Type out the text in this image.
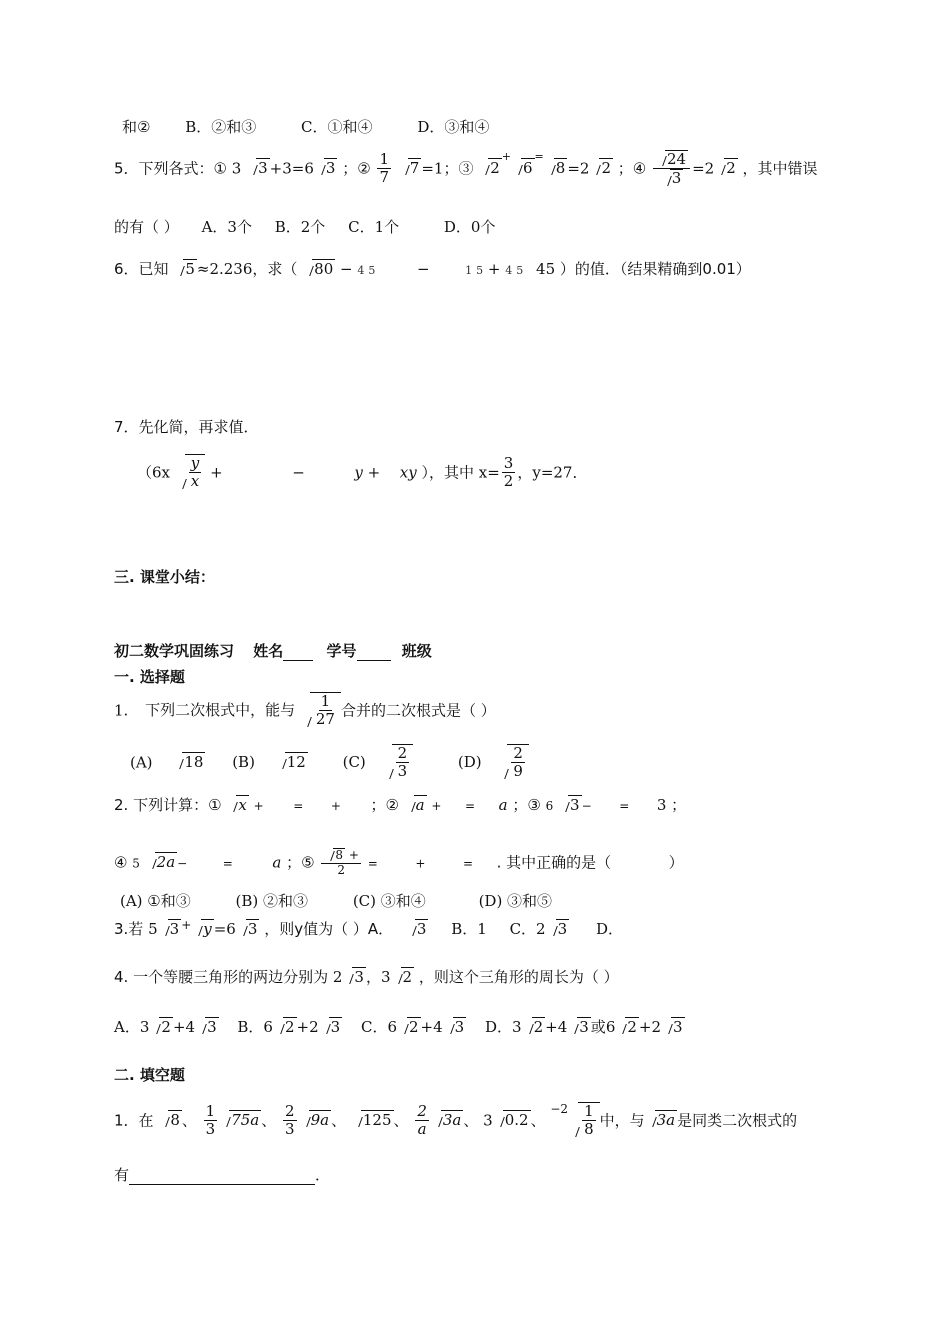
和② B．②和③	C．①和④	D．③和④
5．下列各式：① 3 3 +3=6 3 ；② $\frac{1}{7} 7 =1$；③ 2+6=8 =2 2 ；④ $\frac{24}{3} =2$ 2 ，其中错误
的有（ ） A．3个 B．2个 C．1个	D．0个
6．已知 5 ≈2.236，求（ 80 − 4 5	−	1 5 + 4 5 45 ）的值．（结果精确到0.01）
7．先化简，再求值．
（$6x \frac{y}{x}$ +	−	y + xy ），其中 $x= \frac{3}{2}$ ，y=27．
三. 课堂小结：
初二数学巩固练习 姓名	学号	班级
一. 选择题
1. 下列二次根式中，能与 $\frac{1}{27}$ 合并的二次根式是（ ）
(A) 18 (B) 12 $(C) \frac{2}{3}$	$(D) \frac{2}{9}$
2. 下列计算：① x + = + ；② a + = a ；③ 6 3 − = 3 ；
④ 5 2a −	=	a ；⑤ $\frac{8 +}{2}$ =	+	= . 其中正确的是（	）
(A) ①和③	(B) ②和③	(C) ③和④	(D) ③和⑤
3.若 5 3 + y =6 3 ，则y值为（ ）A． 3 B．1 C．2 3 D．
4. 一个等腰三角形的两边分别为 2 3 ，3 2 ，则这个三角形的周长为（ ）
A．3 2 +4 3 B．6 2 +2 3 C．6 2 +4 3 D．3 2 +4 3 或6 2 +2 3
二. 填空题
1．在 8 、 $\frac{1}{3} 75a$ 、 $\frac{2}{3} 9a$ 、 125 、 $\frac{2}{a} 3a$ 、 3 0.2 、 $^{-2} \frac{1}{8}$ 中，与 3a 是同类二次根式的
有	．
